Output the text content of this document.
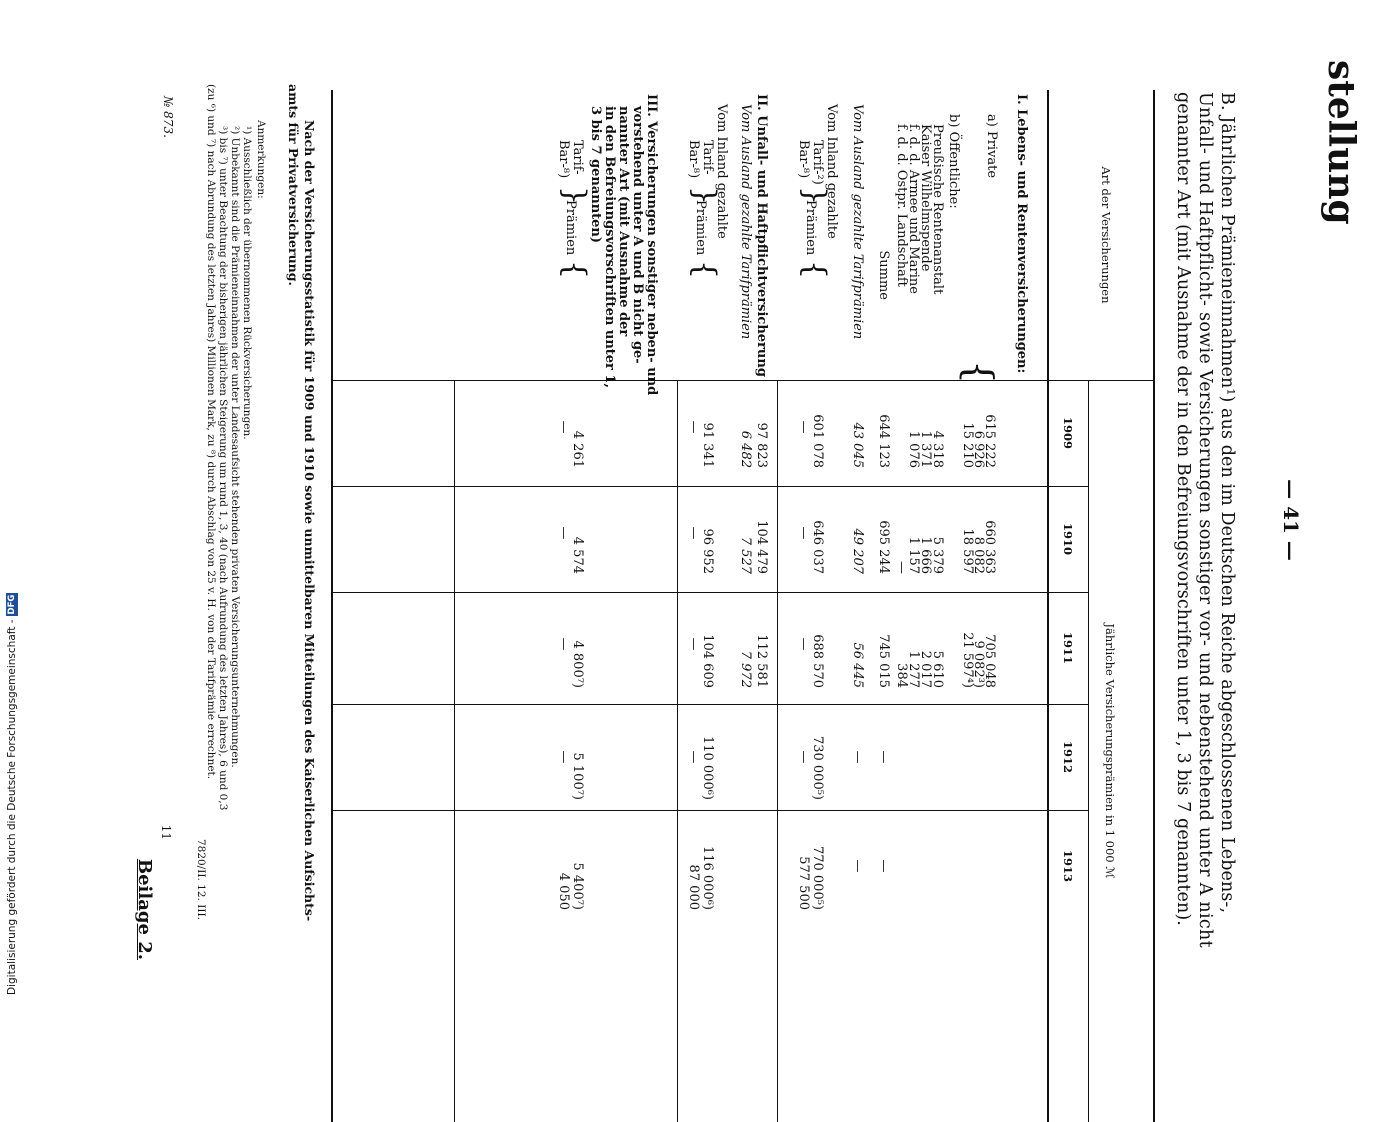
stellung
— 41 —
Beilage 2.	B. Jährlichen Prämieneinnahmen¹) aus den im Deutschen Reiche abgeschlossenen Lebens-,
Unfall- und Haftpflicht- sowie Versicherungen sonstiger vor- und nebenstehend unter A nicht
genannter Art (mit Ausnahme der in den Befreiungsvorschriften unter 1, 3 bis 7 genannten).
Art der Versicherungen
Jährliche Versicherungsprämien in 1 000 ℳ
1909
1910
1911
1912
1913
I. Lebens- und Rentenversicherungen:
a) Private
{
615 222
6 926
15 210
660 363
8 082
18 597
705 048
9 082³)
21 597⁴)
b) Öffentliche:
Preußische Rentenanstalt
Kaiser Wilhelmspende
f. d. d. Armee und Marine
f. d. d. Ostpr. Landschaft
4 318
1 371
1 076
5 379
1 666
1 157
—
5 610
2 017
1 277
384
Summe
644 123
695 244
745 015
—
—
Vom Ausland gezahlte Tarifprämien
43 045
49 207
56 445
—
—
Vom Inland gezahlte
Tarif-²)
Bar-⁸)
}
Prämien
{
601 078
646 037
688 570
730 000⁵)
770 000⁵)
—
—
—
—
577 500
II. Unfall- und Haftpflichtversicherung
97 823
104 479
112 581
Vom Ausland gezahlte Tarifprämien
6 482
7 527
7 972
Vom Inland gezahlte
Tarif-
Bar-⁸)
}
Prämien
{
91 341
96 952
104 609
110 000⁶)
116 000⁶)
—
—
—
—
87 000
III. Versicherungen sonstiger neben- und
vorstehend unter A und B nicht ge-
nannter Art (mit Ausnahme der
in den Befreiungsvorschriften unter 1,
3 bis 7 genannten)
Tarif-
Bar-⁸)
}
Prämien
{
4 261
4 574
4 800⁷)
5 100⁷)
5 400⁷)
—
—
—
—
4 050
Nach der Versicherungsstatistik für 1909 und 1910 sowie unmittelbaren Mitteilungen des Kaiserlichen Aufsichts-
amts für Privatversicherung.
Anmerkungen:
¹) Ausschließlich der übernommenen Rückversicherungen.
²) Unbekannt sind die Prämieneinnahmen der unter Landesaufsicht stehenden privaten Versicherungsunternehmungen.
³) bis ⁷) unter Beachtung der bisherigen jährlichen Steigerung um rund 1, 3, 40 (nach Aufrundung des letzten Jahres), 6 und 0,3
(zu ⁶) und ⁷) nach Abrundung des letzten Jahres) Millionen Mark, zu ⁸) durch Abschlag von 25 v. H. von der Tarifprämie errechnet.
7820/II. 12. III.
№ 873.
11
Digitalisierung gefördert durch die Deutsche Forschungsgemeinschaft -
DFG
